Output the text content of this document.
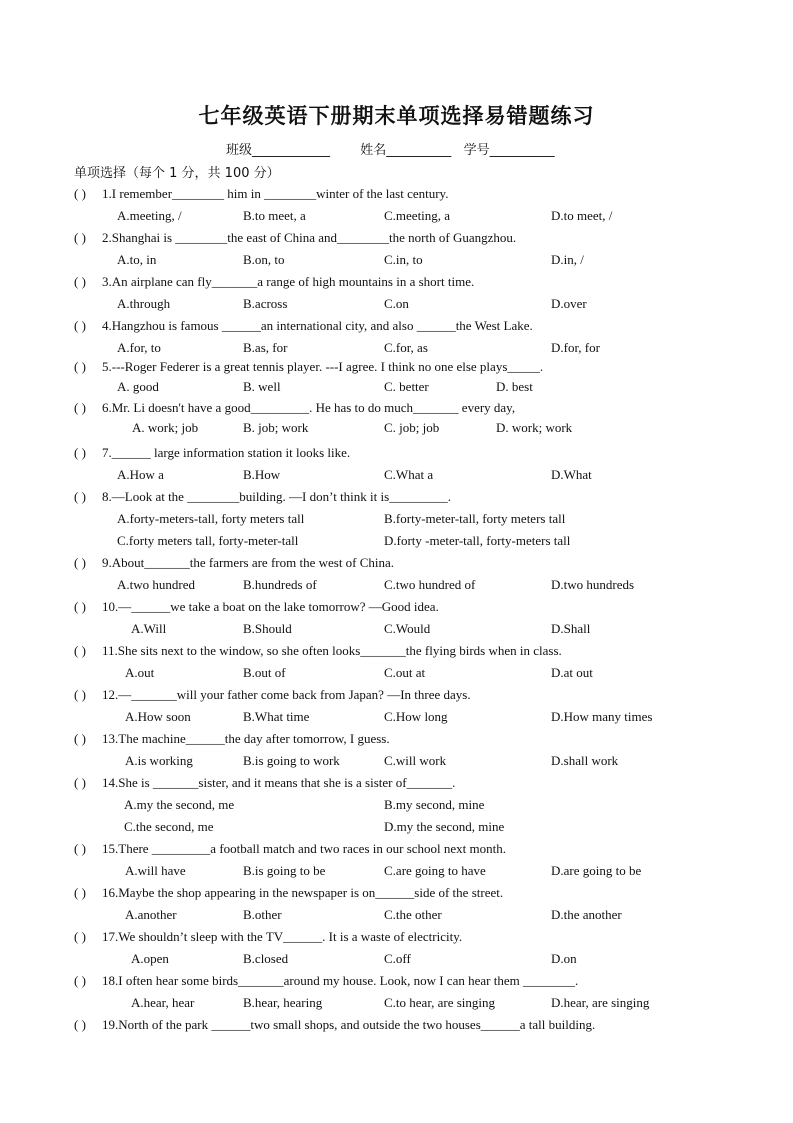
七年级英语下册期末单项选择易错题练习
班级____________ 姓名__________ 学号__________
单项选择（每个 1 分，共 100 分）
( ) 1.I remember________ him in ________winter of the last century.
A.meeting, /	B.to meet, a	C.meeting, a	D.to meet, /
( ) 2.Shanghai is ________the east of China and________the north of Guangzhou.
A.to, in	B.on, to	C.in, to	D.in, /
( ) 3.An airplane can fly_______a range of high mountains in a short time.
A.through	B.across	C.on	D.over
( ) 4.Hangzhou is famous ______an international city, and also ______the West Lake.
A.for, to	B.as, for	C.for, as	D.for, for
( ) 5.---Roger Federer is a great tennis player. ---I agree. I think no one else plays_____.
A. good	B. well	C. better	D. best
( ) 6.Mr. Li doesn't have a good_________. He has to do much_______ every day,
A. work; job	B. job; work	C. job; job	D. work; work
( ) 7.______ large information station it looks like.
A.How a	B.How	C.What a	D.What
( ) 8.—Look at the ________building. —I don’t think it is_________.
A.forty-meters-tall, forty meters tall	B.forty-meter-tall, forty meters tall
C.forty meters tall, forty-meter-tall	D.forty -meter-tall, forty-meters tall
( ) 9.About_______the farmers are from the west of China.
A.two hundred	B.hundreds of	C.two hundred of	D.two hundreds
( ) 10.—______we take a boat on the lake tomorrow? —Good idea.
A.Will	B.Should	C.Would	D.Shall
( ) 11.She sits next to the window, so she often looks_______the flying birds when in class.
A.out	B.out of	C.out at	D.at out
( ) 12.—_______will your father come back from Japan? —In three days.
A.How soon	B.What time	C.How long	D.How many times
( ) 13.The machine______the day after tomorrow, I guess.
A.is working	B.is going to work	C.will work	D.shall work
( ) 14.She is _______sister, and it means that she is a sister of_______.
A.my the second, me	B.my second, mine
C.the second, me	D.my the second, mine
( ) 15.There _________a football match and two races in our school next month.
A.will have	B.is going to be	C.are going to have	D.are going to be
( ) 16.Maybe the shop appearing in the newspaper is on______side of the street.
A.another	B.other	C.the other	D.the another
( ) 17.We shouldn’t sleep with the TV______. It is a waste of electricity.
A.open	B.closed	C.off	D.on
( ) 18.I often hear some birds_______around my house. Look, now I can hear them ________.
A.hear, hear	B.hear, hearing	C.to hear, are singing	D.hear, are singing
( ) 19.North of the park ______two small shops, and outside the two houses______a tall building.
